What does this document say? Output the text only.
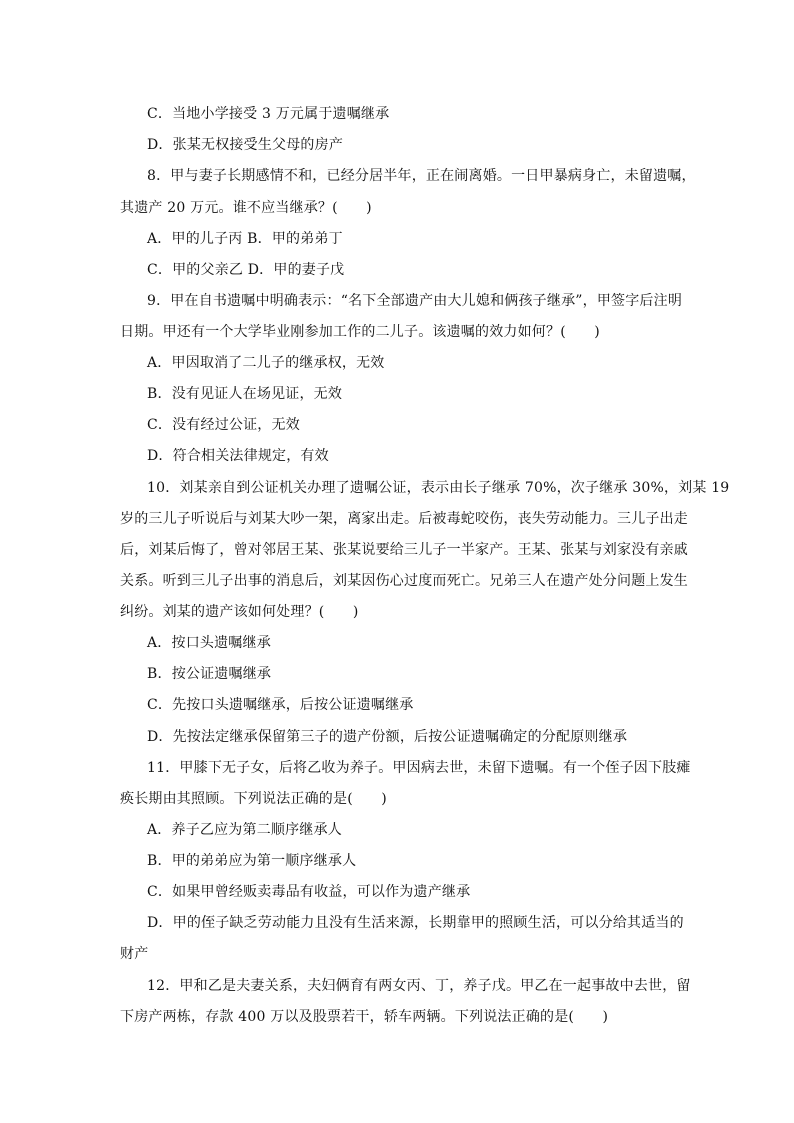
C．当地小学接受 3 万元属于遗嘱继承
D．张某无权接受生父母的房产
8．甲与妻子长期感情不和，已经分居半年，正在闹离婚。一日甲暴病身亡，未留遗嘱，
其遗产 20 万元。谁不应当继承？(　　)
A．甲的儿子丙 B．甲的弟弟丁
C．甲的父亲乙 D．甲的妻子戊
9．甲在自书遗嘱中明确表示：“名下全部遗产由大儿媳和俩孩子继承”，甲签字后注明
日期。甲还有一个大学毕业刚参加工作的二儿子。该遗嘱的效力如何？(　　)
A．甲因取消了二儿子的继承权，无效
B．没有见证人在场见证，无效
C．没有经过公证，无效
D．符合相关法律规定，有效
10．刘某亲自到公证机关办理了遗嘱公证，表示由长子继承 70%，次子继承 30%，刘某 19
岁的三儿子听说后与刘某大吵一架，离家出走。后被毒蛇咬伤，丧失劳动能力。三儿子出走
后，刘某后悔了，曾对邻居王某、张某说要给三儿子一半家产。王某、张某与刘家没有亲戚
关系。听到三儿子出事的消息后，刘某因伤心过度而死亡。兄弟三人在遗产处分问题上发生
纠纷。刘某的遗产该如何处理？(　　)
A．按口头遗嘱继承
B．按公证遗嘱继承
C．先按口头遗嘱继承，后按公证遗嘱继承
D．先按法定继承保留第三子的遗产份额，后按公证遗嘱确定的分配原则继承
11．甲膝下无子女，后将乙收为养子。甲因病去世，未留下遗嘱。有一个侄子因下肢瘫
痪长期由其照顾。下列说法正确的是(　　)
A．养子乙应为第二顺序继承人
B．甲的弟弟应为第一顺序继承人
C．如果甲曾经贩卖毒品有收益，可以作为遗产继承
D．甲的侄子缺乏劳动能力且没有生活来源，长期靠甲的照顾生活，可以分给其适当的
财产
12．甲和乙是夫妻关系，夫妇俩育有两女丙、丁，养子戊。甲乙在一起事故中去世，留
下房产两栋，存款 400 万以及股票若干，轿车两辆。下列说法正确的是(　　)
